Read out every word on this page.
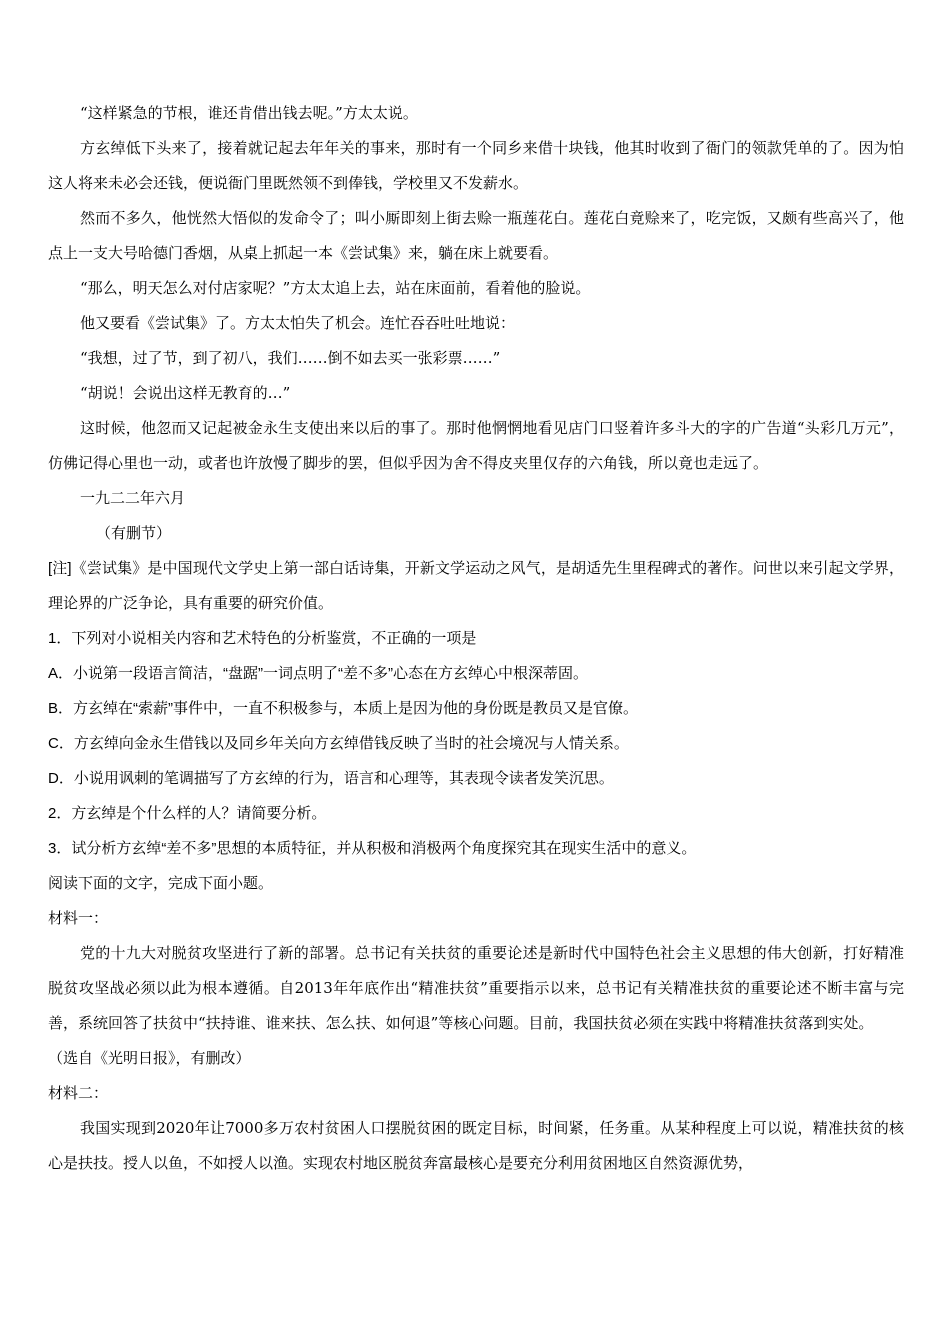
“这样紧急的节根，谁还肯借出钱去呢。”方太太说。

方玄绰低下头来了，接着就记起去年年关的事来，那时有一个同乡来借十块钱，他其时收到了衙门的领款凭单的了。因为怕这人将来未必会还钱，便说衙门里既然领不到俸钱，学校里又不发薪水。

然而不多久，他恍然大悟似的发命令了；叫小厮即刻上街去赊一瓶莲花白。莲花白竟赊来了，吃完饭，又颇有些高兴了，他点上一支大号哈德门香烟，从桌上抓起一本《尝试集》来，躺在床上就要看。

“那么，明天怎么对付店家呢？”方太太追上去，站在床面前，看着他的脸说。

他又要看《尝试集》了。方太太怕失了机会。连忙吞吞吐吐地说：

“我想，过了节，到了初八，我们……倒不如去买一张彩票……”

“胡说！会说出这样无教育的…”

这时候，他忽而又记起被金永生支使出来以后的事了。那时他惘惘地看见店门口竖着许多斗大的字的广告道“头彩几万元”，仿佛记得心里也一动，或者也许放慢了脚步的罢，但似乎因为舍不得皮夹里仅存的六角钱，所以竟也走远了。

一九二二年六月

（有删节）

[注]《尝试集》是中国现代文学史上第一部白话诗集，开新文学运动之风气，是胡适先生里程碑式的著作。问世以来引起文学界，理论界的广泛争论，具有重要的研究价值。

1．下列对小说相关内容和艺术特色的分析鉴赏，不正确的一项是

A．小说第一段语言简洁，“盘踞”一词点明了“差不多”心态在方玄绰心中根深蒂固。

B．方玄绰在“索薪”事件中，一直不积极参与，本质上是因为他的身份既是教员又是官僚。

C．方玄绰向金永生借钱以及同乡年关向方玄绰借钱反映了当时的社会境况与人情关系。

D．小说用讽刺的笔调描写了方玄绰的行为，语言和心理等，其表现令读者发笑沉思。

2．方玄绰是个什么样的人？请简要分析。

3．试分析方玄绰“差不多”思想的本质特征，并从积极和消极两个角度探究其在现实生活中的意义。

阅读下面的文字，完成下面小题。

材料一：

党的十九大对脱贫攻坚进行了新的部署。总书记有关扶贫的重要论述是新时代中国特色社会主义思想的伟大创新，打好精准脱贫攻坚战必须以此为根本遵循。自2013年年底作出“精准扶贫”重要指示以来，总书记有关精准扶贫的重要论述不断丰富与完善，系统回答了扶贫中“扶持谁、谁来扶、怎么扶、如何退”等核心问题。目前，我国扶贫必须在实践中将精准扶贫落到实处。

（选自《光明日报》，有删改）

材料二：

我国实现到2020年让7000多万农村贫困人口摆脱贫困的既定目标，时间紧，任务重。从某种程度上可以说，精准扶贫的核心是扶技。授人以鱼，不如授人以渔。实现农村地区脱贫奔富最核心是要充分利用贫困地区自然资源优势，
